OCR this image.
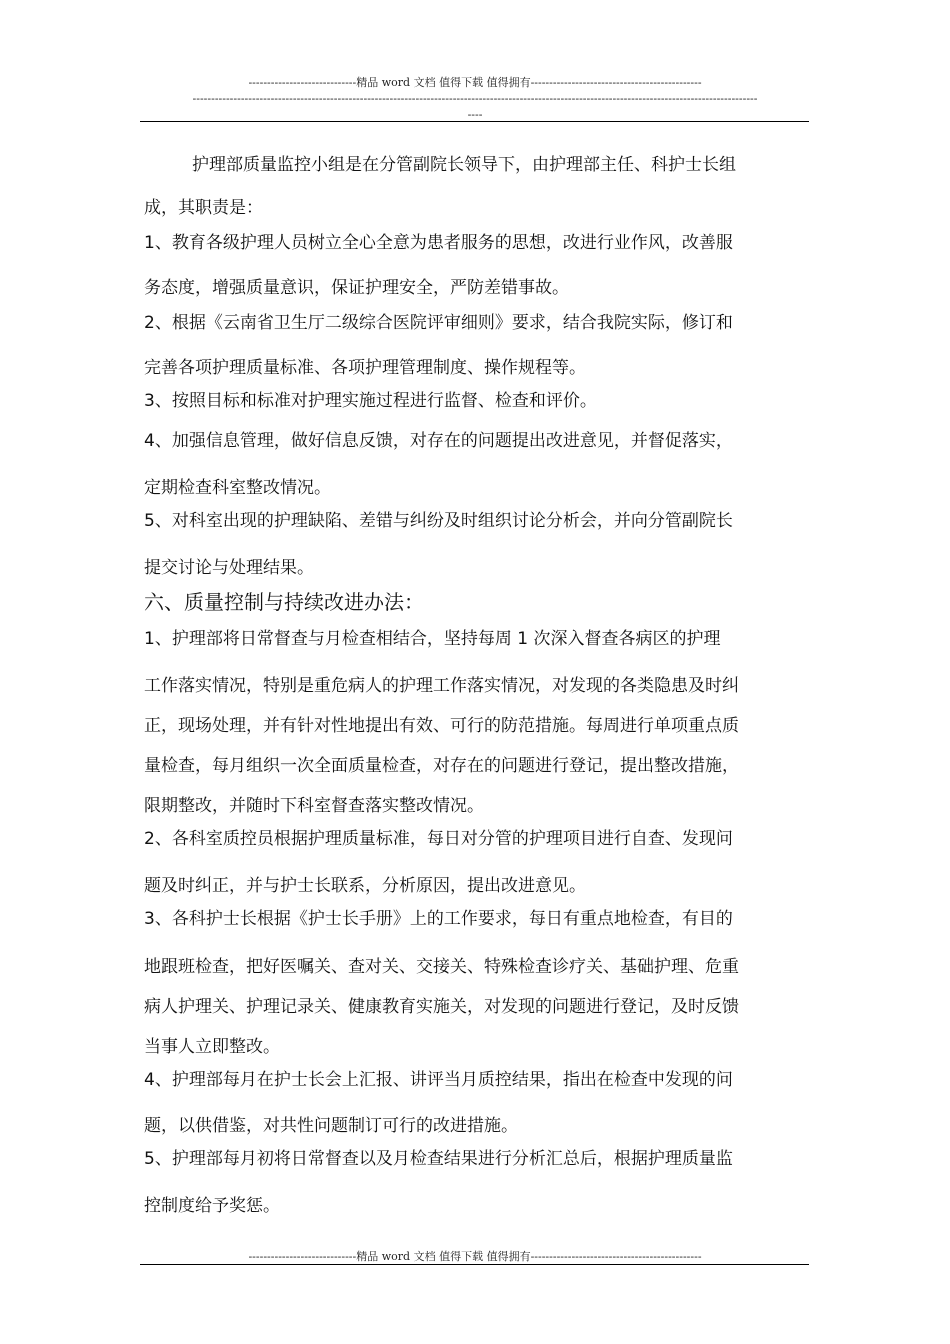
-----------------------------精品 word 文档 值得下载 值得拥有----------------------------------------------
--------------------------------------------------------------------------------------------------------------------------------------------------------
----
护理部质量监控小组是在分管副院长领导下，由护理部主任、科护士长组
成，其职责是：
1、教育各级护理人员树立全心全意为患者服务的思想，改进行业作风，改善服
务态度，增强质量意识，保证护理安全，严防差错事故。
2、根据《云南省卫生厅二级综合医院评审细则》要求，结合我院实际，修订和
完善各项护理质量标准、各项护理管理制度、操作规程等。
3、按照目标和标准对护理实施过程进行监督、检查和评价。
4、加强信息管理，做好信息反馈，对存在的问题提出改进意见，并督促落实，
定期检查科室整改情况。
5、对科室出现的护理缺陷、差错与纠纷及时组织讨论分析会，并向分管副院长
提交讨论与处理结果。
六、质量控制与持续改进办法：
1、护理部将日常督查与月检查相结合，坚持每周 1 次深入督查各病区的护理
工作落实情况，特别是重危病人的护理工作落实情况，对发现的各类隐患及时纠
正，现场处理，并有针对性地提出有效、可行的防范措施。每周进行单项重点质
量检查，每月组织一次全面质量检查，对存在的问题进行登记，提出整改措施，
限期整改，并随时下科室督查落实整改情况。
2、各科室质控员根据护理质量标准，每日对分管的护理项目进行自查、发现问
题及时纠正，并与护士长联系，分析原因，提出改进意见。
3、各科护士长根据《护士长手册》上的工作要求，每日有重点地检查，有目的
地跟班检查，把好医嘱关、查对关、交接关、特殊检查诊疗关、基础护理、危重
病人护理关、护理记录关、健康教育实施关，对发现的问题进行登记，及时反馈
当事人立即整改。
4、护理部每月在护士长会上汇报、讲评当月质控结果，指出在检查中发现的问
题，以供借鉴，对共性问题制订可行的改进措施。
5、护理部每月初将日常督查以及月检查结果进行分析汇总后，根据护理质量监
控制度给予奖惩。
-----------------------------精品 word 文档 值得下载 值得拥有----------------------------------------------
